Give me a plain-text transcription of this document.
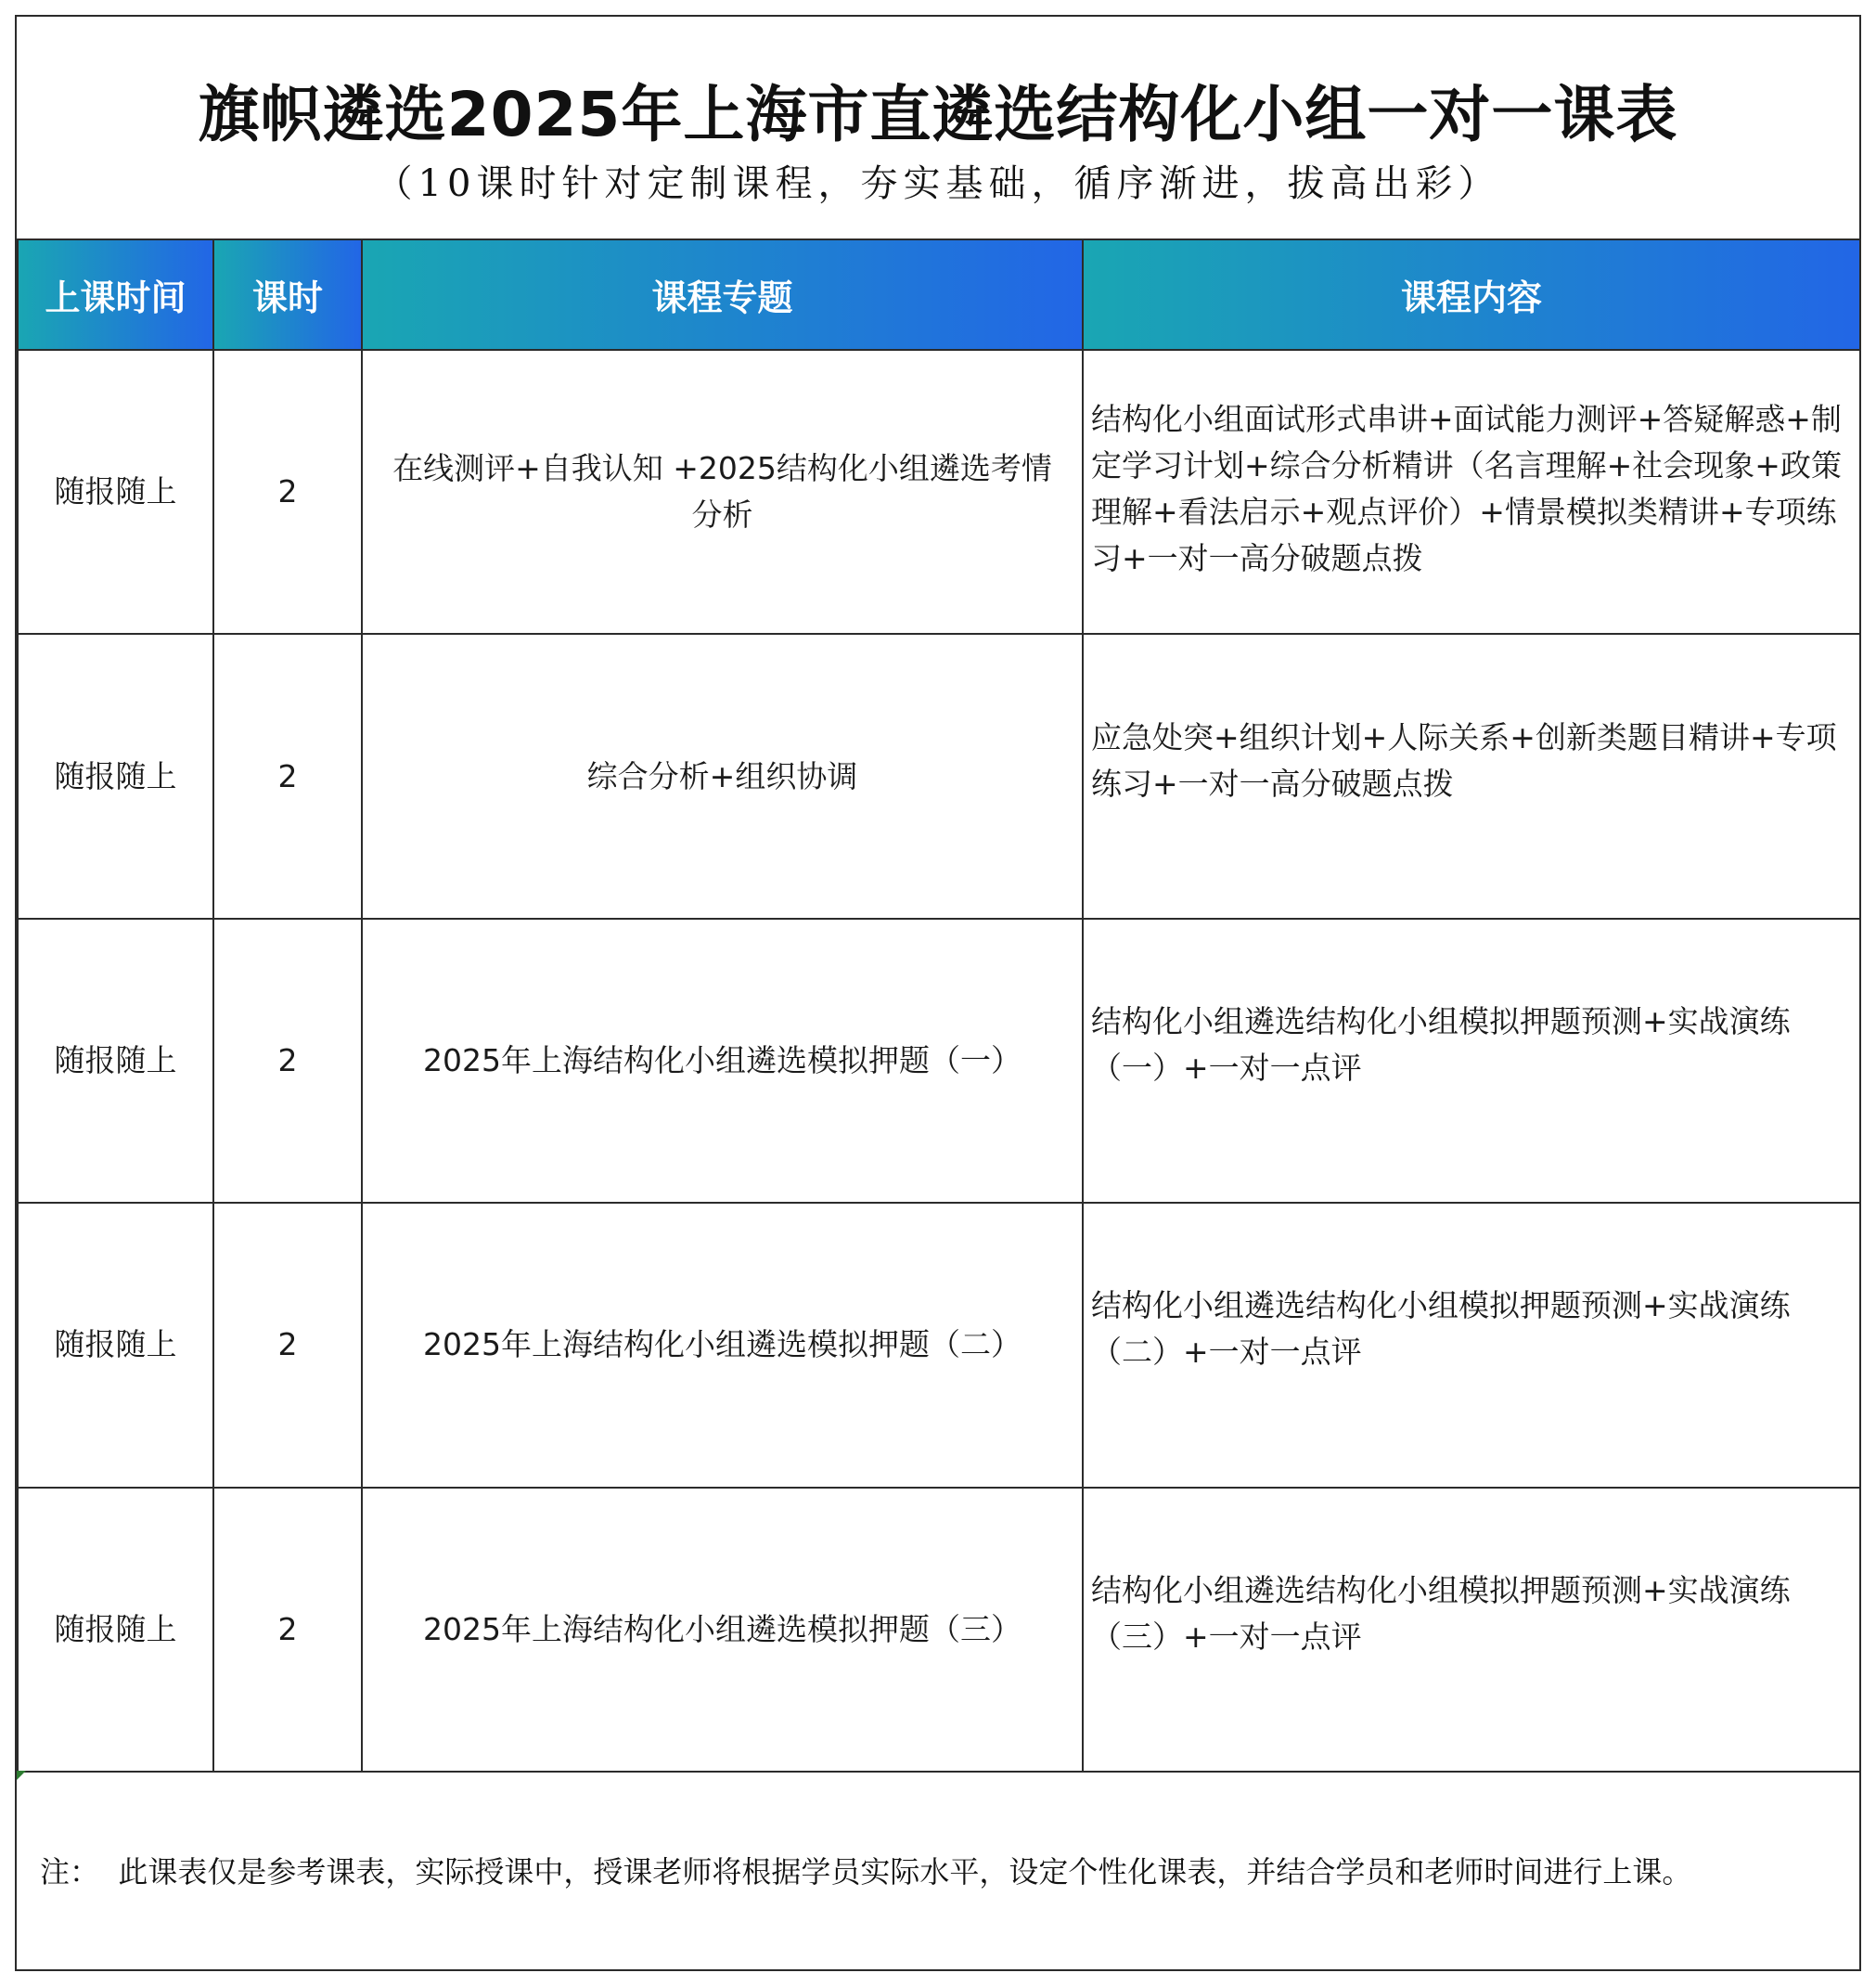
旗帜遴选2025年上海市直遴选结构化小组一对一课表
（10课时针对定制课程，夯实基础，循序渐进，拔高出彩）
上课时间	课时	课程专题	课程内容
随报随上	2	在线测评+自我认知 +2025结构化小组遴选考情分析	结构化小组面试形式串讲+面试能力测评+答疑解惑+制定学习计划+综合分析精讲（名言理解+社会现象+政策理解+看法启示+观点评价）+情景模拟类精讲+专项练习+一对一高分破题点拨

随报随上	2	综合分析+组织协调	应急处突+组织计划+人际关系+创新类题目精讲+专项练习+一对一高分破题点拨

随报随上	2	2025年上海结构化小组遴选模拟押题（一）	结构化小组遴选结构化小组模拟押题预测+实战演练（一）+一对一点评

随报随上	2	2025年上海结构化小组遴选模拟押题（二）	结构化小组遴选结构化小组模拟押题预测+实战演练（二）+一对一点评

随报随上	2	2025年上海结构化小组遴选模拟押题（三）	结构化小组遴选结构化小组模拟押题预测+实战演练（三）+一对一点评
注：  此课表仅是参考课表，实际授课中，授课老师将根据学员实际水平，设定个性化课表，并结合学员和老师时间进行上课。
